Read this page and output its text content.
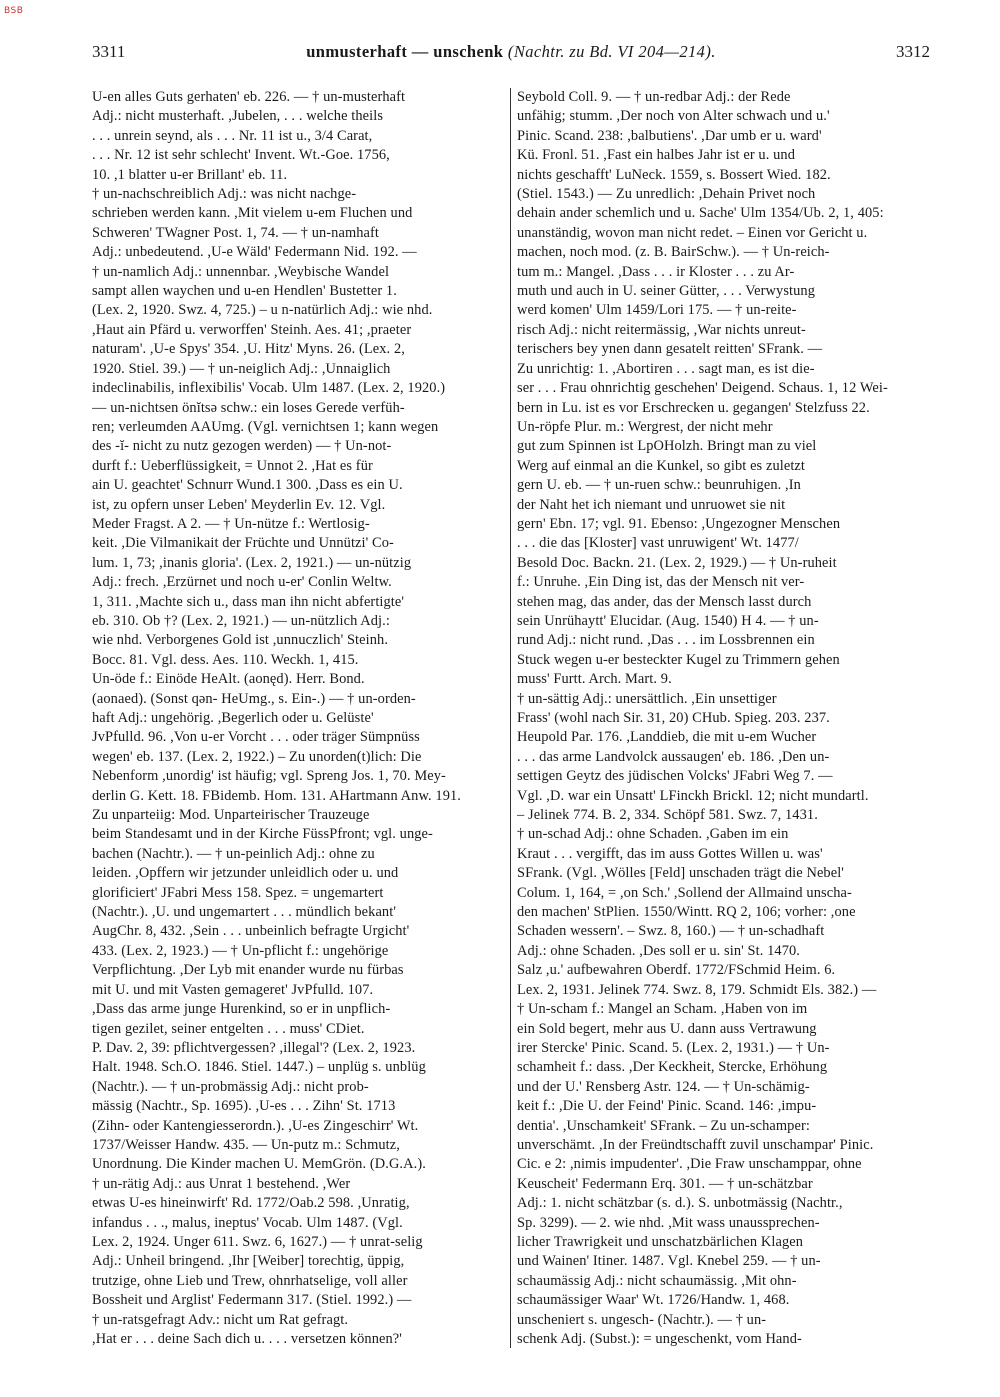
BSB
3311	unmusterhaft — unschenk (Nachtr. zu Bd. VI 204—214).	3312
U-en alles Guts gerhaten' eb. 226. — † un-musterhaft
Adj.: nicht musterhaft. ,Jubelen, . . . welche theils
. . . unrein seynd, als . . . Nr. 11 ist u., 3/4 Carat,
. . . Nr. 12 ist sehr schlecht' Invent. Wt.-Goe. 1756,
10. ,1 blatter u-er Brillant' eb. 11.
† un-nachschreiblich Adj.: was nicht nachge-
schrieben werden kann. ,Mit vielem u-em Fluchen und
Schweren' TWagner Post. 1, 74. — † un-namhaft
Adj.: unbedeutend. ,U-e Wäld' Federmann Nid. 192. —
† un-namlich Adj.: unnennbar. ,Weybische Wandel
sampt allen waychen und u-en Hendlen' Bustetter 1.
(Lex. 2, 1920. Swz. 4, 725.) – u n-natürlich Adj.: wie nhd.
,Haut ain Pfärd u. verworffen' Steinh. Aes. 41; ,praeter
naturam'. ,U-e Spys' 354. ,U. Hitz' Myns. 26. (Lex. 2,
1920. Stiel. 39.) — † un-neiglich Adj.: ,Unnaiglich
indeclinabilis, inflexibilis' Vocab. Ulm 1487. (Lex. 2, 1920.)
— un-nichtsen önĭtsə schw.: ein loses Gerede verfüh-
ren; verleumden AAUmg. (Vgl. vernichtsen 1; kann wegen
des -ĭ- nicht zu nutz gezogen werden) — † Un-not-
durft f.: Ueberflüssigkeit, = Unnot 2. ,Hat es für
ain U. geachtet' Schnurr Wund.1 300. ,Dass es ein U.
ist, zu opfern unser Leben' Meyderlin Ev. 12. Vgl.
Meder Fragst. A 2. — † Un-nütze f.: Wertlosig-
keit. ,Die Vilmanikait der Früchte und Unnützi' Co-
lum. 1, 73; ,inanis gloria'. (Lex. 2, 1921.) — un-nützig
Adj.: frech. ,Erzürnet und noch u-er' Conlin Weltw.
1, 311. ,Machte sich u., dass man ihn nicht abfertigte'
eb. 310. Ob †? (Lex. 2, 1921.) — un-nützlich Adj.:
wie nhd. Verborgenes Gold ist ,unnuczlich' Steinh.
Bocc. 81. Vgl. dess. Aes. 110. Weckh. 1, 415.
Un-öde f.: Einöde HeAlt. (aonęd). Herr. Bond.
(aonaed). (Sonst qən- HeUmg., s. Ein-.) — † un-orden-
haft Adj.: ungehörig. ,Begerlich oder u. Gelüste'
JvPfulld. 96. ,Von u-er Vorcht . . . oder träger Sümpnüss
wegen' eb. 137. (Lex. 2, 1922.) – Zu unorden(t)lich: Die
Nebenform ,unordig' ist häufig; vgl. Spreng Jos. 1, 70. Mey-
derlin G. Kett. 18. FBidemb. Hom. 131. AHartmann Anw. 191.
Zu unparteiig: Mod. Unparteirischer Trauzeuge
beim Standesamt und in der Kirche FüssPfront; vgl. unge-
bachen (Nachtr.). — † un-peinlich Adj.: ohne zu
leiden. ,Opffern wir jetzunder unleidlich oder u. und
glorificiert' JFabri Mess 158. Spez. = ungemartert
(Nachtr.). ,U. und ungemartert . . . mündlich bekant'
AugChr. 8, 432. ,Sein . . . unbeinlich befragte Urgicht'
433. (Lex. 2, 1923.) — † Un-pflicht f.: ungehörige
Verpflichtung. ,Der Lyb mit enander wurde nu fürbas
mit U. und mit Vasten gemageret' JvPfulld. 107.
,Dass das arme junge Hurenkind, so er in unpflich-
tigen gezilet, seiner entgelten . . . muss' CDiet.
P. Dav. 2, 39: pflichtvergessen? ,illegal'? (Lex. 2, 1923.
Halt. 1948. Sch.O. 1846. Stiel. 1447.) – unplüg s. unblüg
(Nachtr.). — † un-probmässig Adj.: nicht prob-
mässig (Nachtr., Sp. 1695). ,U-es . . . Zihn' St. 1713
(Zihn- oder Kantengiesserordn.). ,U-es Zingeschirr' Wt.
1737/Weisser Handw. 435. — Un-putz m.: Schmutz,
Unordnung. Die Kinder machen U. MemGrön. (D.G.A.).
† un-rätig Adj.: aus Unrat 1 bestehend. ,Wer
etwas U-es hineinwirft' Rd. 1772/Oab.2 598. ,Unratig,
infandus . . ., malus, ineptus' Vocab. Ulm 1487. (Vgl.
Lex. 2, 1924. Unger 611. Swz. 6, 1627.) — † unrat-selig
Adj.: Unheil bringend. ,Ihr [Weiber] torechtig, üppig,
trutzige, ohne Lieb und Trew, ohnrhatselige, voll aller
Bossheit und Arglist' Federmann 317. (Stiel. 1992.) —
† un-ratsgefragt Adv.: nicht um Rat gefragt.
,Hat er . . . deine Sach dich u. . . . versetzen können?'
Seybold Coll. 9. — † un-redbar Adj.: der Rede
unfähig; stumm. ,Der noch von Alter schwach und u.'
Pinic. Scand. 238: ,balbutiens'. ,Dar umb er u. ward'
Kü. Fronl. 51. ,Fast ein halbes Jahr ist er u. und
nichts geschafft' LuNeck. 1559, s. Bossert Wied. 182.
(Stiel. 1543.) — Zu unredlich: ,Dehain Privet noch
dehain ander schemlich und u. Sache' Ulm 1354/Ub. 2, 1, 405:
unanständig, wovon man nicht redet. – Einen vor Gericht u.
machen, noch mod. (z. B. BairSchw.). — † Un-reich-
tum m.: Mangel. ,Dass . . . ir Kloster . . . zu Ar-
muth und auch in U. seiner Gütter, . . . Verwystung
werd komen' Ulm 1459/Lori 175. — † un-reite-
risch Adj.: nicht reitermässig, ,War nichts unreut-
terischers bey ynen dann gesatelt reitten' SFrank. —
Zu unrichtig: 1. ,Abortiren . . . sagt man, es ist die-
ser . . . Frau ohnrichtig geschehen' Deigend. Schaus. 1, 12 Wei-
bern in Lu. ist es vor Erschrecken u. gegangen' Stelzfuss 22.
Un-röpfe Plur. m.: Wergrest, der nicht mehr
gut zum Spinnen ist LpOHolzh. Bringt man zu viel
Werg auf einmal an die Kunkel, so gibt es zuletzt
gern U. eb. — † un-ruen schw.: beunruhigen. ,In
der Naht het ich niemant und unruowet sie nit
gern' Ebn. 17; vgl. 91. Ebenso: ,Ungezogner Menschen
. . . die das [Kloster] vast unruwigent' Wt. 1477/
Besold Doc. Backn. 21. (Lex. 2, 1929.) — † Un-ruheit
f.: Unruhe. ,Ein Ding ist, das der Mensch nit ver-
stehen mag, das ander, das der Mensch lasst durch
sein Unrühaytt' Elucidar. (Aug. 1540) H 4. — † un-
rund Adj.: nicht rund. ,Das . . . im Lossbrennen ein
Stuck wegen u-er besteckter Kugel zu Trimmern gehen
muss' Furtt. Arch. Mart. 9.
† un-sättig Adj.: unersättlich. ,Ein unsettiger
Frass' (wohl nach Sir. 31, 20) CHub. Spieg. 203. 237.
Heupold Par. 176. ,Landdieb, die mit u-em Wucher
. . . das arme Landvolck aussaugen' eb. 186. ,Den un-
settigen Geytz des jüdischen Volcks' JFabri Weg 7. —
Vgl. ,D. war ein Unsatt' LFinckh Brickl. 12; nicht mundartl.
– Jelinek 774. B. 2, 334. Schöpf 581. Swz. 7, 1431.
† un-schad Adj.: ohne Schaden. ,Gaben im ein
Kraut . . . vergifft, das im auss Gottes Willen u. was'
SFrank. (Vgl. ,Wölles [Feld] unschaden trägt die Nebel'
Colum. 1, 164, = ,on Sch.' ,Sollend der Allmaind unscha-
den machen' StPlien. 1550/Wintt. RQ 2, 106; vorher: ,one
Schaden wessern'. – Swz. 8, 160.) — † un-schadhaft
Adj.: ohne Schaden. ,Des soll er u. sin' St. 1470.
Salz ,u.' aufbewahren Oberdf. 1772/FSchmid Heim. 6.
Lex. 2, 1931. Jelinek 774. Swz. 8, 179. Schmidt Els. 382.) —
† Un-scham f.: Mangel an Scham. ,Haben von im
ein Sold begert, mehr aus U. dann auss Vertrawung
irer Stercke' Pinic. Scand. 5. (Lex. 2, 1931.) — † Un-
schamheit f.: dass. ,Der Keckheit, Stercke, Erhöhung
und der U.' Rensberg Astr. 124. — † Un-schämig-
keit f.: ,Die U. der Feind' Pinic. Scand. 146: ,impu-
dentia'. ,Unschamkeit' SFrank. – Zu un-schamper:
unverschämt. ,In der Freündtschafft zuvil unschampar' Pinic.
Cic. e 2: ,nimis impudenter'. ,Die Fraw unschamppar, ohne
Keuscheit' Federmann Erq. 301. — † un-schätzbar
Adj.: 1. nicht schätzbar (s. d.). S. unbotmässig (Nachtr.,
Sp. 3299). — 2. wie nhd. ,Mit wass unaussprechen-
licher Trawrigkeit und unschatzbärlichen Klagen
und Wainen' Itiner. 1487. Vgl. Knebel 259. — † un-
schaumässig Adj.: nicht schaumässig. ,Mit ohn-
schaumässiger Waar' Wt. 1726/Handw. 1, 468.
unscheniert s. ungesch- (Nachtr.). — † un-
schenk Adj. (Subst.): = ungeschenkt, vom Hand-
